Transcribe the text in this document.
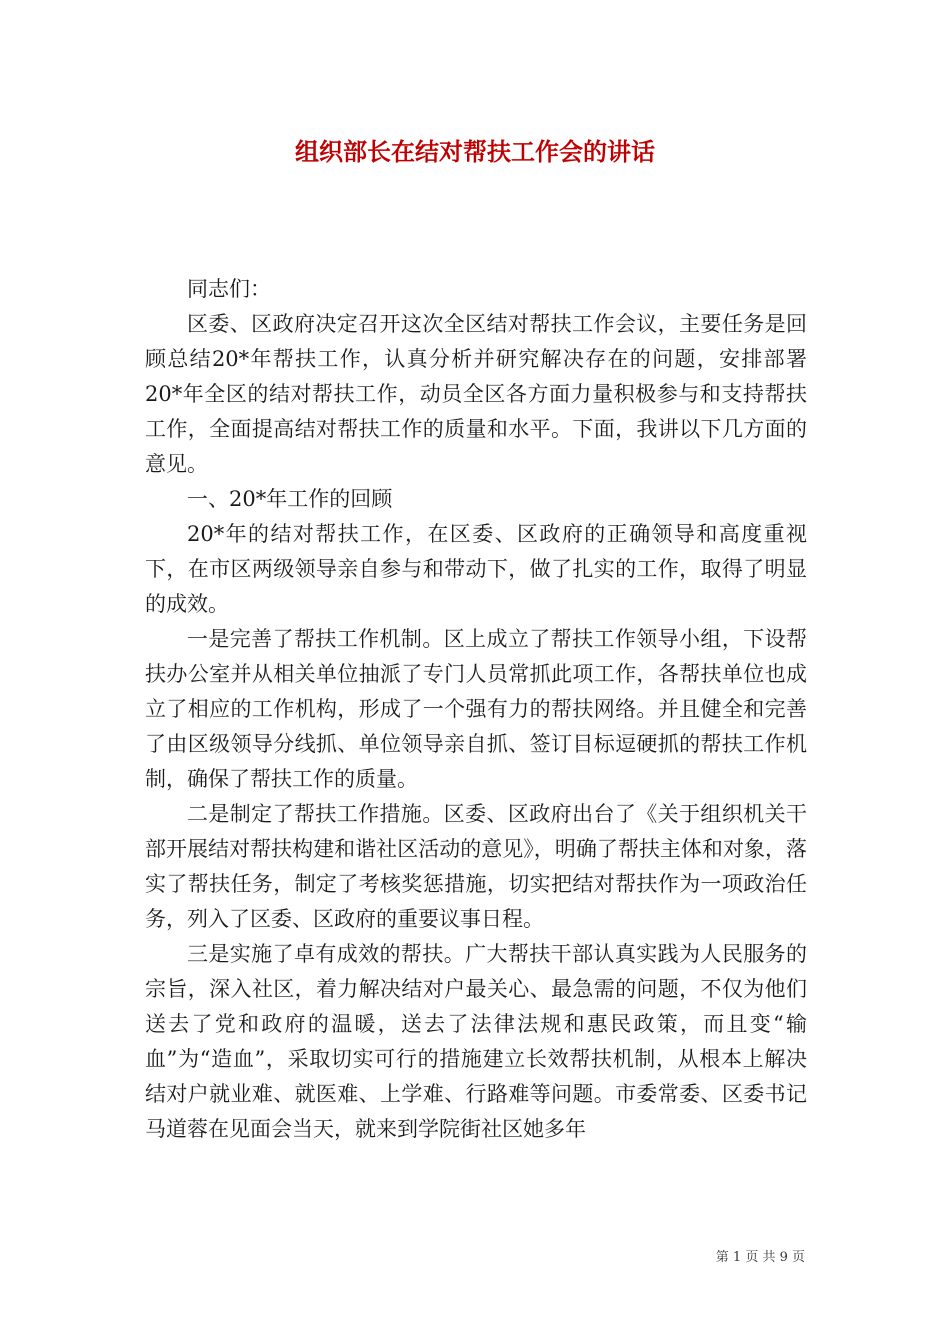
组织部长在结对帮扶工作会的讲话

同志们：

区委、区政府决定召开这次全区结对帮扶工作会议，主要任务是回顾总结20*年帮扶工作，认真分析并研究解决存在的问题，安排部署20*年全区的结对帮扶工作，动员全区各方面力量积极参与和支持帮扶工作，全面提高结对帮扶工作的质量和水平。下面，我讲以下几方面的意见。

一、20*年工作的回顾

20*年的结对帮扶工作，在区委、区政府的正确领导和高度重视下，在市区两级领导亲自参与和带动下，做了扎实的工作，取得了明显的成效。

一是完善了帮扶工作机制。区上成立了帮扶工作领导小组，下设帮扶办公室并从相关单位抽派了专门人员常抓此项工作，各帮扶单位也成立了相应的工作机构，形成了一个强有力的帮扶网络。并且健全和完善了由区级领导分线抓、单位领导亲自抓、签订目标逗硬抓的帮扶工作机制，确保了帮扶工作的质量。

二是制定了帮扶工作措施。区委、区政府出台了《关于组织机关干部开展结对帮扶构建和谐社区活动的意见》，明确了帮扶主体和对象，落实了帮扶任务，制定了考核奖惩措施，切实把结对帮扶作为一项政治任务，列入了区委、区政府的重要议事日程。

三是实施了卓有成效的帮扶。广大帮扶干部认真实践为人民服务的宗旨，深入社区，着力解决结对户最关心、最急需的问题，不仅为他们送去了党和政府的温暖，送去了法律法规和惠民政策，而且变“输血”为“造血”，采取切实可行的措施建立长效帮扶机制，从根本上解决结对户就业难、就医难、上学难、行路难等问题。市委常委、区委书记马道蓉在见面会当天，就来到学院街社区她多年

第 1 页 共 9 页
